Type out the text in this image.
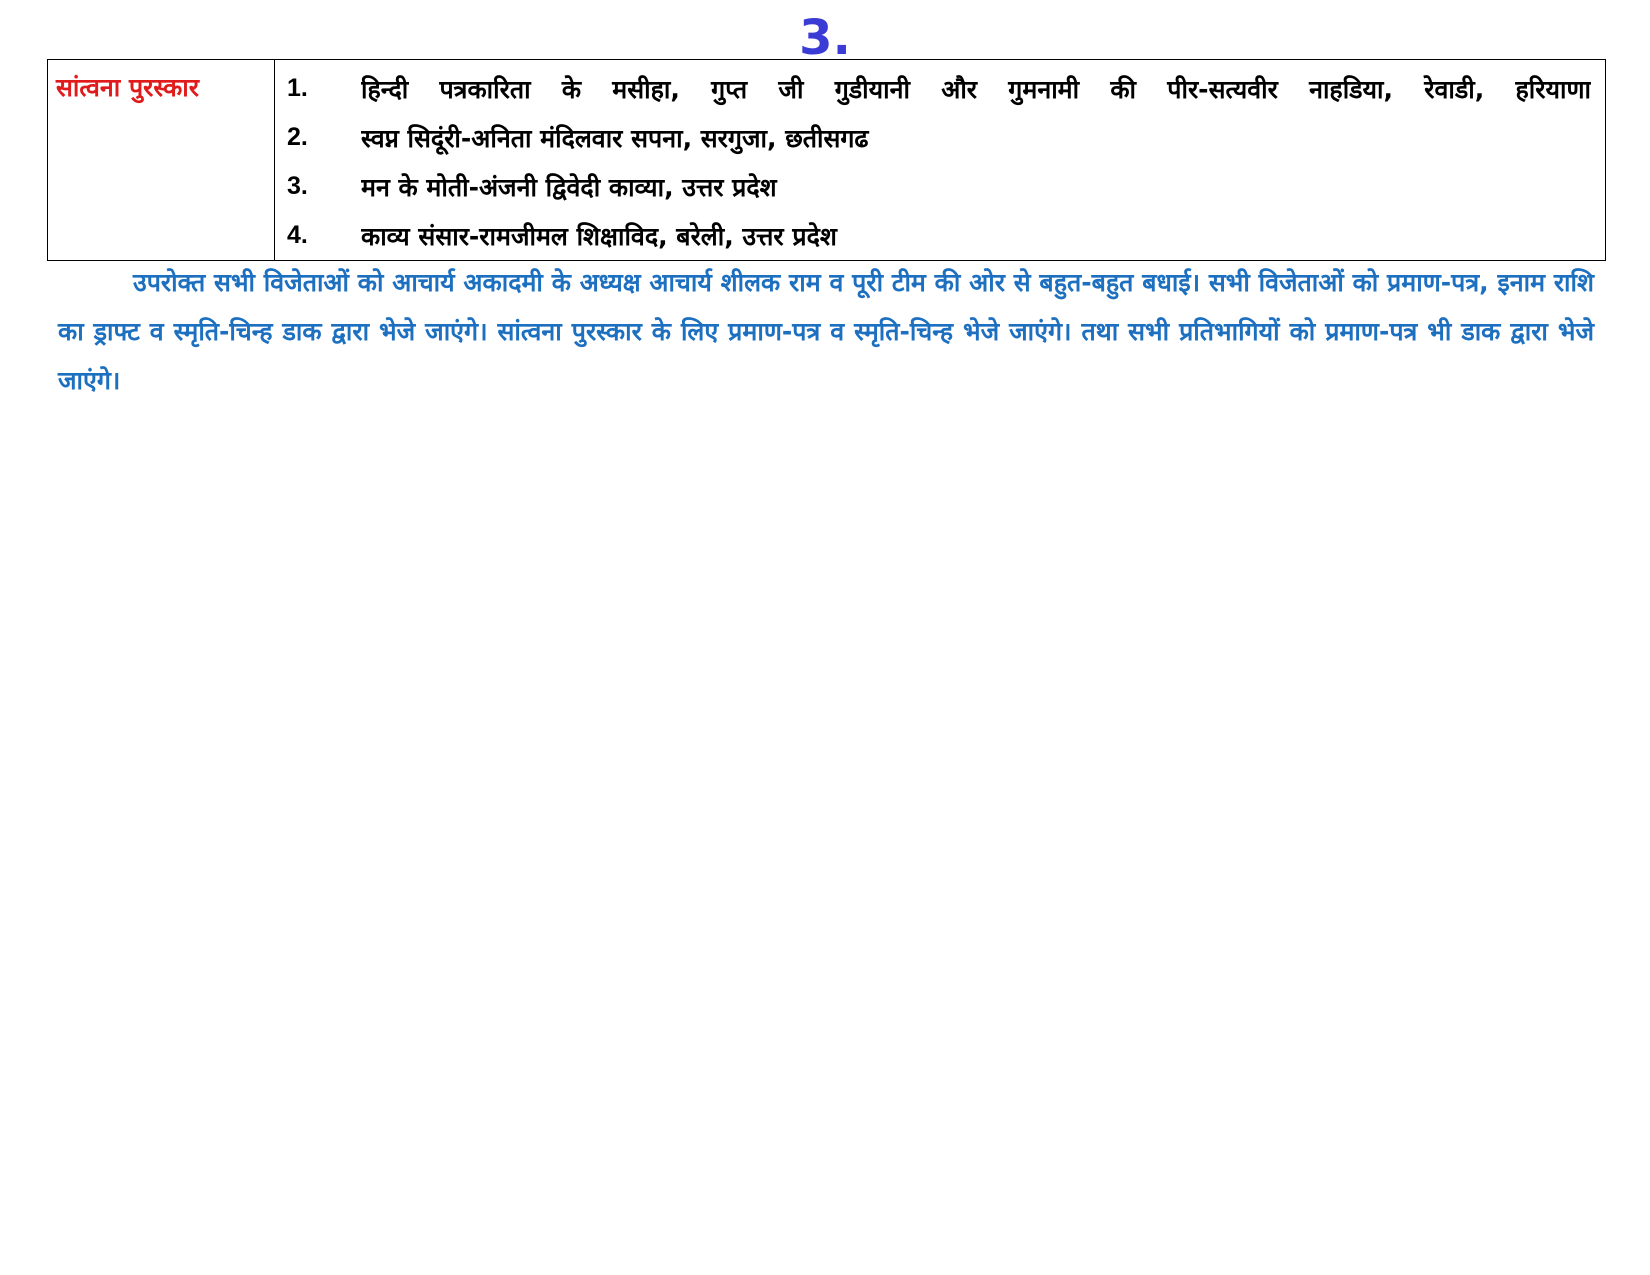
3.
सांत्वना पुरस्कार	1.	हिन्दी पत्रकारिता के मसीहा, गुप्त जी गुडीयानी और गुमनामी की पीर-सत्यवीर नाहडिया, रेवाडी, हरियाणा
2.	स्वप्न सिदूंरी-अनिता मंदिलवार सपना, सरगुजा, छतीसगढ
3.	मन के मोती-अंजनी द्विवेदी काव्या, उत्तर प्रदेश
4.	काव्य संसार-रामजीमल शिक्षाविद, बरेली, उत्तर प्रदेश

उपरोक्त सभी विजेताओं को आचार्य अकादमी के अध्यक्ष आचार्य शीलक राम व पूरी टीम की ओर से बहुत-बहुत बधाई। सभी विजेताओं को प्रमाण-पत्र, इनाम राशि का ड्राफ्ट व स्मृति-चिन्ह डाक द्वारा भेजे जाएंगे। सांत्वना पुरस्कार के लिए प्रमाण-पत्र व स्मृति-चिन्ह भेजे जाएंगे। तथा सभी प्रतिभागियों को प्रमाण-पत्र भी डाक द्वारा भेजे जाएंगे।
